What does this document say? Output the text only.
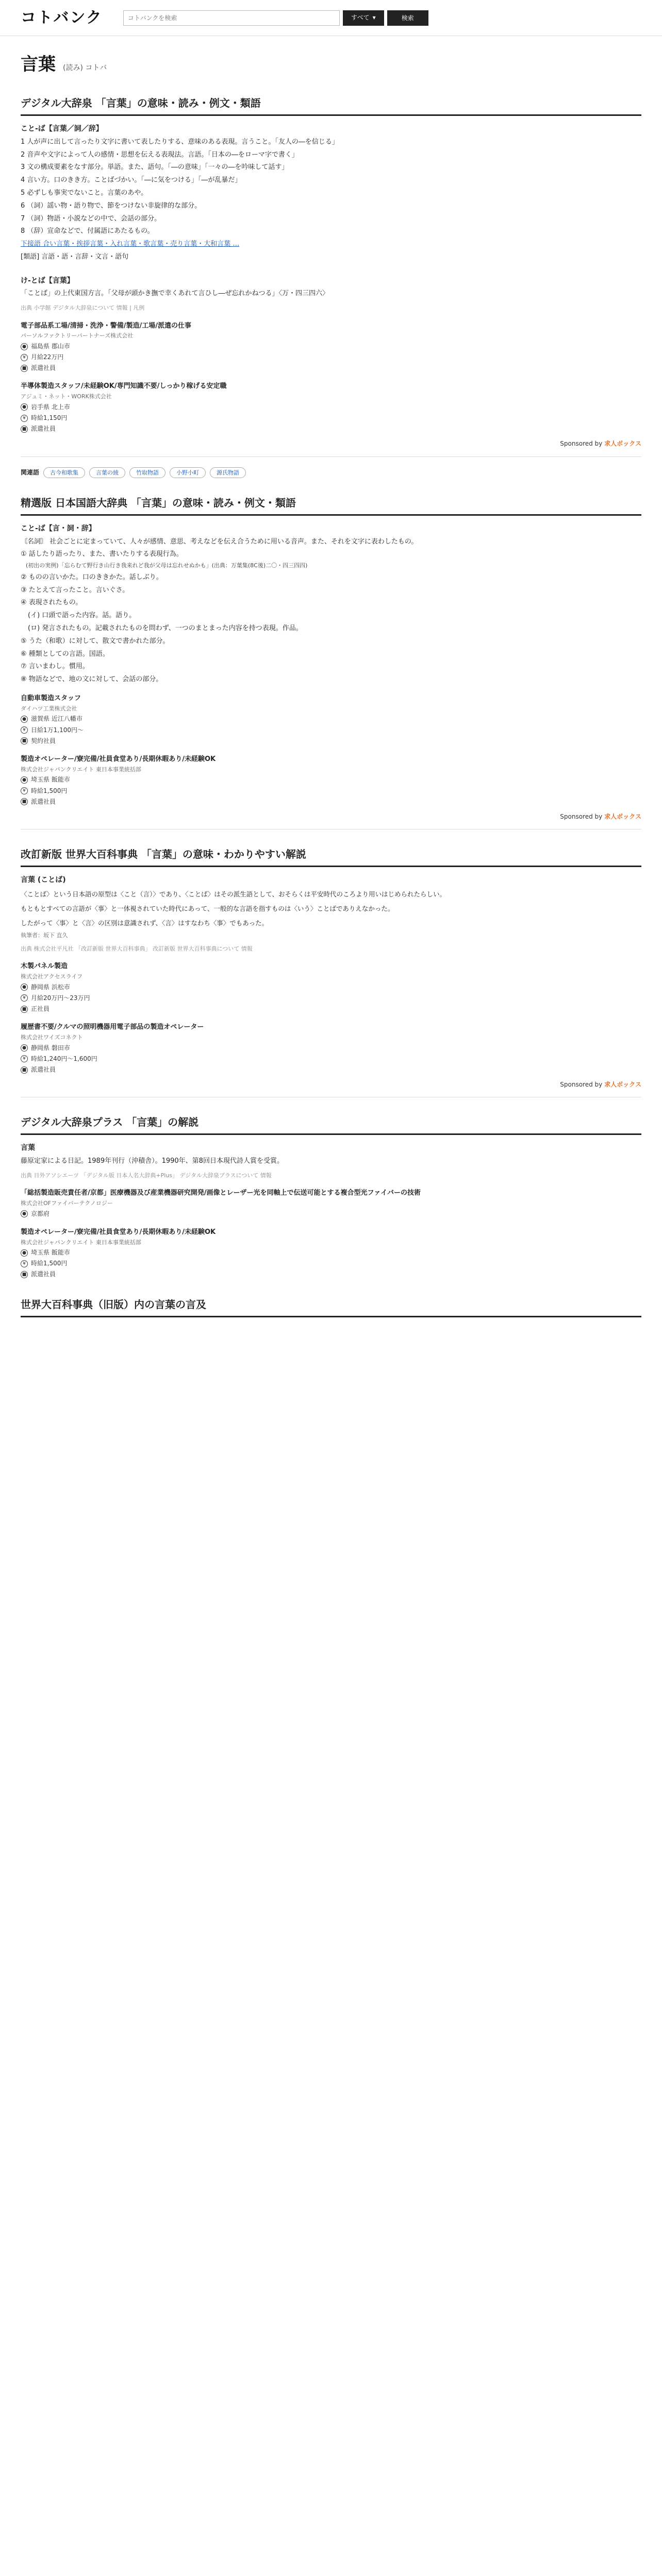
コトバンク
コトバンクを検索	すべて ▾	検索
言葉 (読み) コトバ
デジタル大辞泉 「言葉」の意味・読み・例文・類語
こと‐ば【言葉／詞／辞】
1 人が声に出して言ったり文字に書いて表したりする、意味のある表現。言うこと。「友人の―を信じる」
2 音声や文字によって人の感情・思想を伝える表現法。言語。「日本の―をローマ字で書く」
3 文の構成要素をなす部分。単語。また、語句。「―の意味」「一々の―を吟味して話す」
4 言い方。口のきき方。ことばづかい。「―に気をつける」「―が乱暴だ」
5 必ずしも事実でないこと。言葉のあや。
6 （詞）謡い物・語り物で、節をつけない非旋律的な部分。
7 （詞）物語・小説などの中で、会話の部分。
8 （辞）宣命などで、付属語にあたるもの。
下接語 合い言葉・挨拶言葉・入れ言葉・歌言葉・売り言葉・大和言葉 …
[類語] 言語・語・言辞・文言・語句
け‐とば【言葉】
「ことば」の上代東国方言。「父母が頭かき撫で幸くあれて言ひし―ぜ忘れかねつる」〈万・四三四六〉
出典 小学館 デジタル大辞泉について 情報 | 凡例
電子部品系工場/清掃・洗浄・警備/製造/工場/派遣の仕事
パーソルファクトリーパートナーズ株式会社
● 福島県 郡山市
¥ 月給22万円
■ 派遣社員
半導体製造スタッフ/未経験OK/専門知識不要/しっかり稼げる安定職
アジュミ・ネット・WORK株式会社
● 岩手県 北上市
¥ 時給1,150円
■ 派遣社員
Sponsored by 求人ボックス
関連語	古今和歌集	言葉の綾	竹取物語	小野小町	源氏物語
精選版 日本国語大辞典 「言葉」の意味・読み・例文・類語
こと‐ば【言・詞・辞】
〘名詞〙 社会ごとに定まっていて、人々が感情、意思、考えなどを伝え合うために用いる音声。また、それを文字に表わしたもの。
① 話したり語ったり、また、書いたりする表現行為。
(初出の実例)「忘らむて野行き山行き我来れど我が父母は忘れせぬかも」(出典：万葉集(8C後)二〇・四三四四)
② ものの言いかた。口のききかた。話しぶり。
③ たとえて言ったこと。言いぐさ。
④ 表現されたもの。
(イ) 口頭で語った内容。話。語り。
(ロ) 発言されたもの。記載されたものを問わず、一つのまとまった内容を持つ表現。作品。
⑤ うた（和歌）に対して、散文で書かれた部分。
⑥ 種類としての言語。国語。
⑦ 言いまわし。慣用。
⑧ 物語などで、地の文に対して、会話の部分。
自動車製造スタッフ
ダイハツ工業株式会社
● 滋賀県 近江八幡市
¥ 日給1万1,100円〜
■ 契約社員
製造オペレーター/寮完備/社員食堂あり/長期休暇あり/未経験OK
株式会社ジャパンクリエイト 東日本事業統括部
● 埼玉県 飯能市
¥ 時給1,500円
■ 派遣社員
Sponsored by 求人ボックス
改訂新版 世界大百科事典 「言葉」の意味・わかりやすい解説
言葉 (ことば)
〈ことば〉という日本語の原型は〈こと（言）〉であり、〈ことば〉はその派生語として、おそらくは平安時代のころより用いはじめられたらしい。
もともとすべての言語が〈事〉と一体視されていた時代にあって、一般的な言語を指すものは〈いう〉ことばでありえなかった。
したがって〈事〉と〈言〉の区別は意識されず、〈言〉はすなわち〈事〉でもあった。
執筆者：坂下 直久
出典 株式会社平凡社 「改訂新版 世界大百科事典」 改訂新版 世界大百科事典について 情報
木製パネル製造
株式会社アクセスライフ
● 静岡県 浜松市
¥ 月給20万円〜23万円
■ 正社員
履歴書不要/クルマの照明機器用電子部品の製造オペレーター
株式会社ワイズコネクト
● 静岡県 磐田市
¥ 時給1,240円〜1,600円
■ 派遣社員
Sponsored by 求人ボックス
デジタル大辞泉プラス 「言葉」の解説
言葉
藤原定家による日記。1989年刊行（沖積舎）。1990年、第8回日本現代詩人賞を受賞。
出典 日外アソシエーツ 「デジタル版 日本人名大辞典+Plus」 デジタル大辞泉プラスについて 情報
「総括製造販売責任者/京都」医療機器及び産業機器研究開発/画像とレーザー光を同軸上で伝送可能とする複合型光ファイバーの技術
株式会社OFファイバーテクノロジー
● 京都府
製造オペレーター/寮完備/社員食堂あり/長期休暇あり/未経験OK
株式会社ジャパンクリエイト 東日本事業統括部
● 埼玉県 飯能市
¥ 時給1,500円
■ 派遣社員
世界大百科事典（旧版）内の言葉の言及
